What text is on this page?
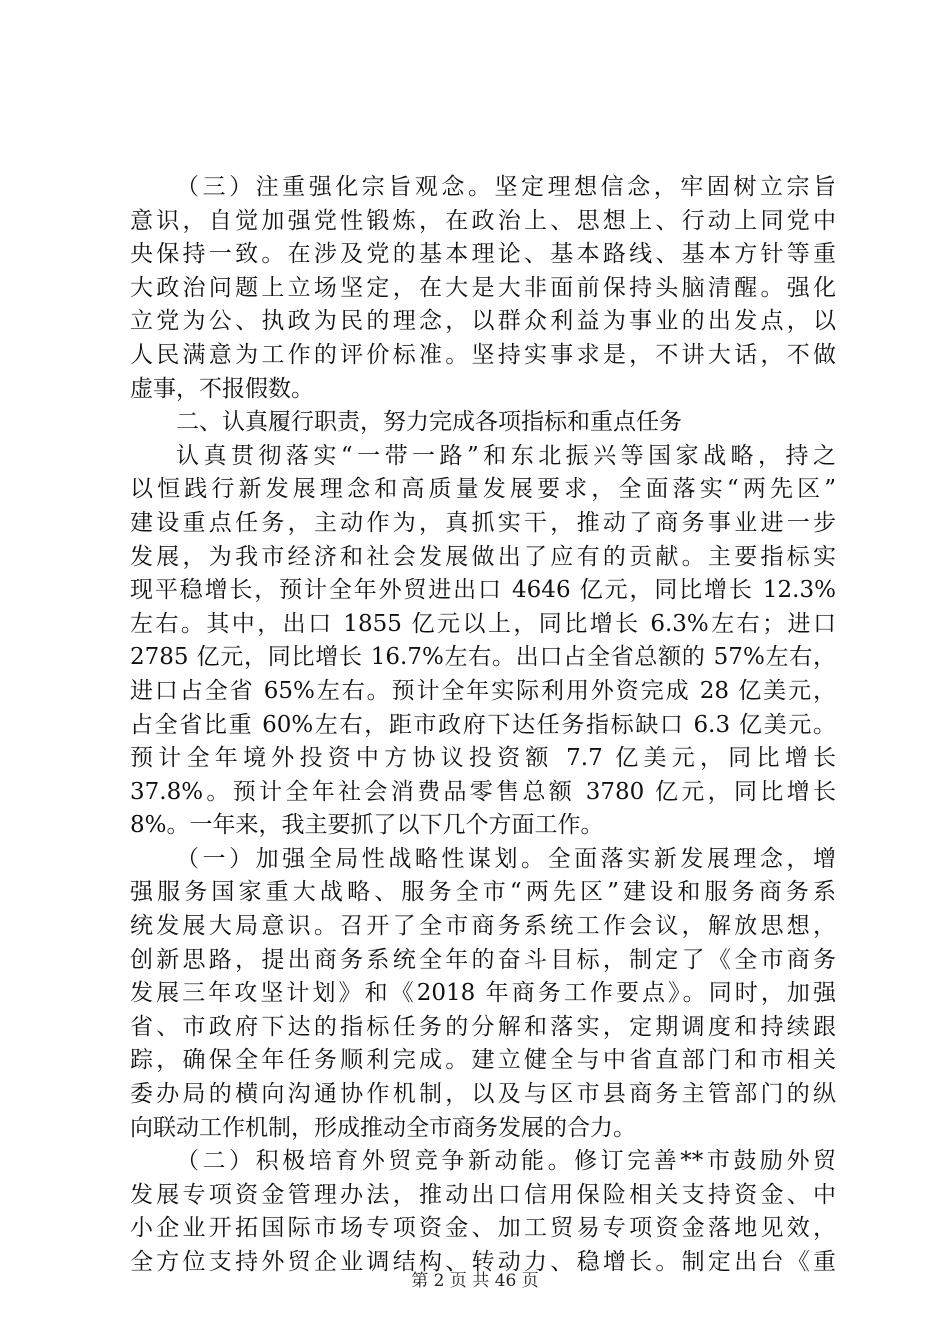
（三）注重强化宗旨观念。坚定理想信念，牢固树立宗旨
意识，自觉加强党性锻炼，在政治上、思想上、行动上同党中
央保持一致。在涉及党的基本理论、基本路线、基本方针等重
大政治问题上立场坚定，在大是大非面前保持头脑清醒。强化
立党为公、执政为民的理念，以群众利益为事业的出发点，以
人民满意为工作的评价标准。坚持实事求是，不讲大话，不做
虚事，不报假数。
二、认真履行职责，努力完成各项指标和重点任务
认真贯彻落实“一带一路”和东北振兴等国家战略，持之
以恒践行新发展理念和高质量发展要求，全面落实“两先区”
建设重点任务，主动作为，真抓实干，推动了商务事业进一步
发展，为我市经济和社会发展做出了应有的贡献。主要指标实
现平稳增长，预计全年外贸进出口 4646 亿元，同比增长 12.3%
左右。其中，出口 1855 亿元以上，同比增长 6.3%左右；进口
2785 亿元，同比增长 16.7%左右。出口占全省总额的 57%左右，
进口占全省 65%左右。预计全年实际利用外资完成 28 亿美元，
占全省比重 60%左右，距市政府下达任务指标缺口 6.3 亿美元。
预计全年境外投资中方协议投资额 7.7 亿美元，同比增长
37.8%。预计全年社会消费品零售总额 3780 亿元，同比增长
8%。一年来，我主要抓了以下几个方面工作。
（一）加强全局性战略性谋划。全面落实新发展理念，增
强服务国家重大战略、服务全市“两先区”建设和服务商务系
统发展大局意识。召开了全市商务系统工作会议，解放思想，
创新思路，提出商务系统全年的奋斗目标，制定了《全市商务
发展三年攻坚计划》和《2018 年商务工作要点》。同时，加强
省、市政府下达的指标任务的分解和落实，定期调度和持续跟
踪，确保全年任务顺利完成。建立健全与中省直部门和市相关
委办局的横向沟通协作机制，以及与区市县商务主管部门的纵
向联动工作机制，形成推动全市商务发展的合力。
（二）积极培育外贸竞争新动能。修订完善**市鼓励外贸
发展专项资金管理办法，推动出口信用保险相关支持资金、中
小企业开拓国际市场专项资金、加工贸易专项资金落地见效，
全方位支持外贸企业调结构、转动力、稳增长。制定出台《重
第 2 页 共 46 页
